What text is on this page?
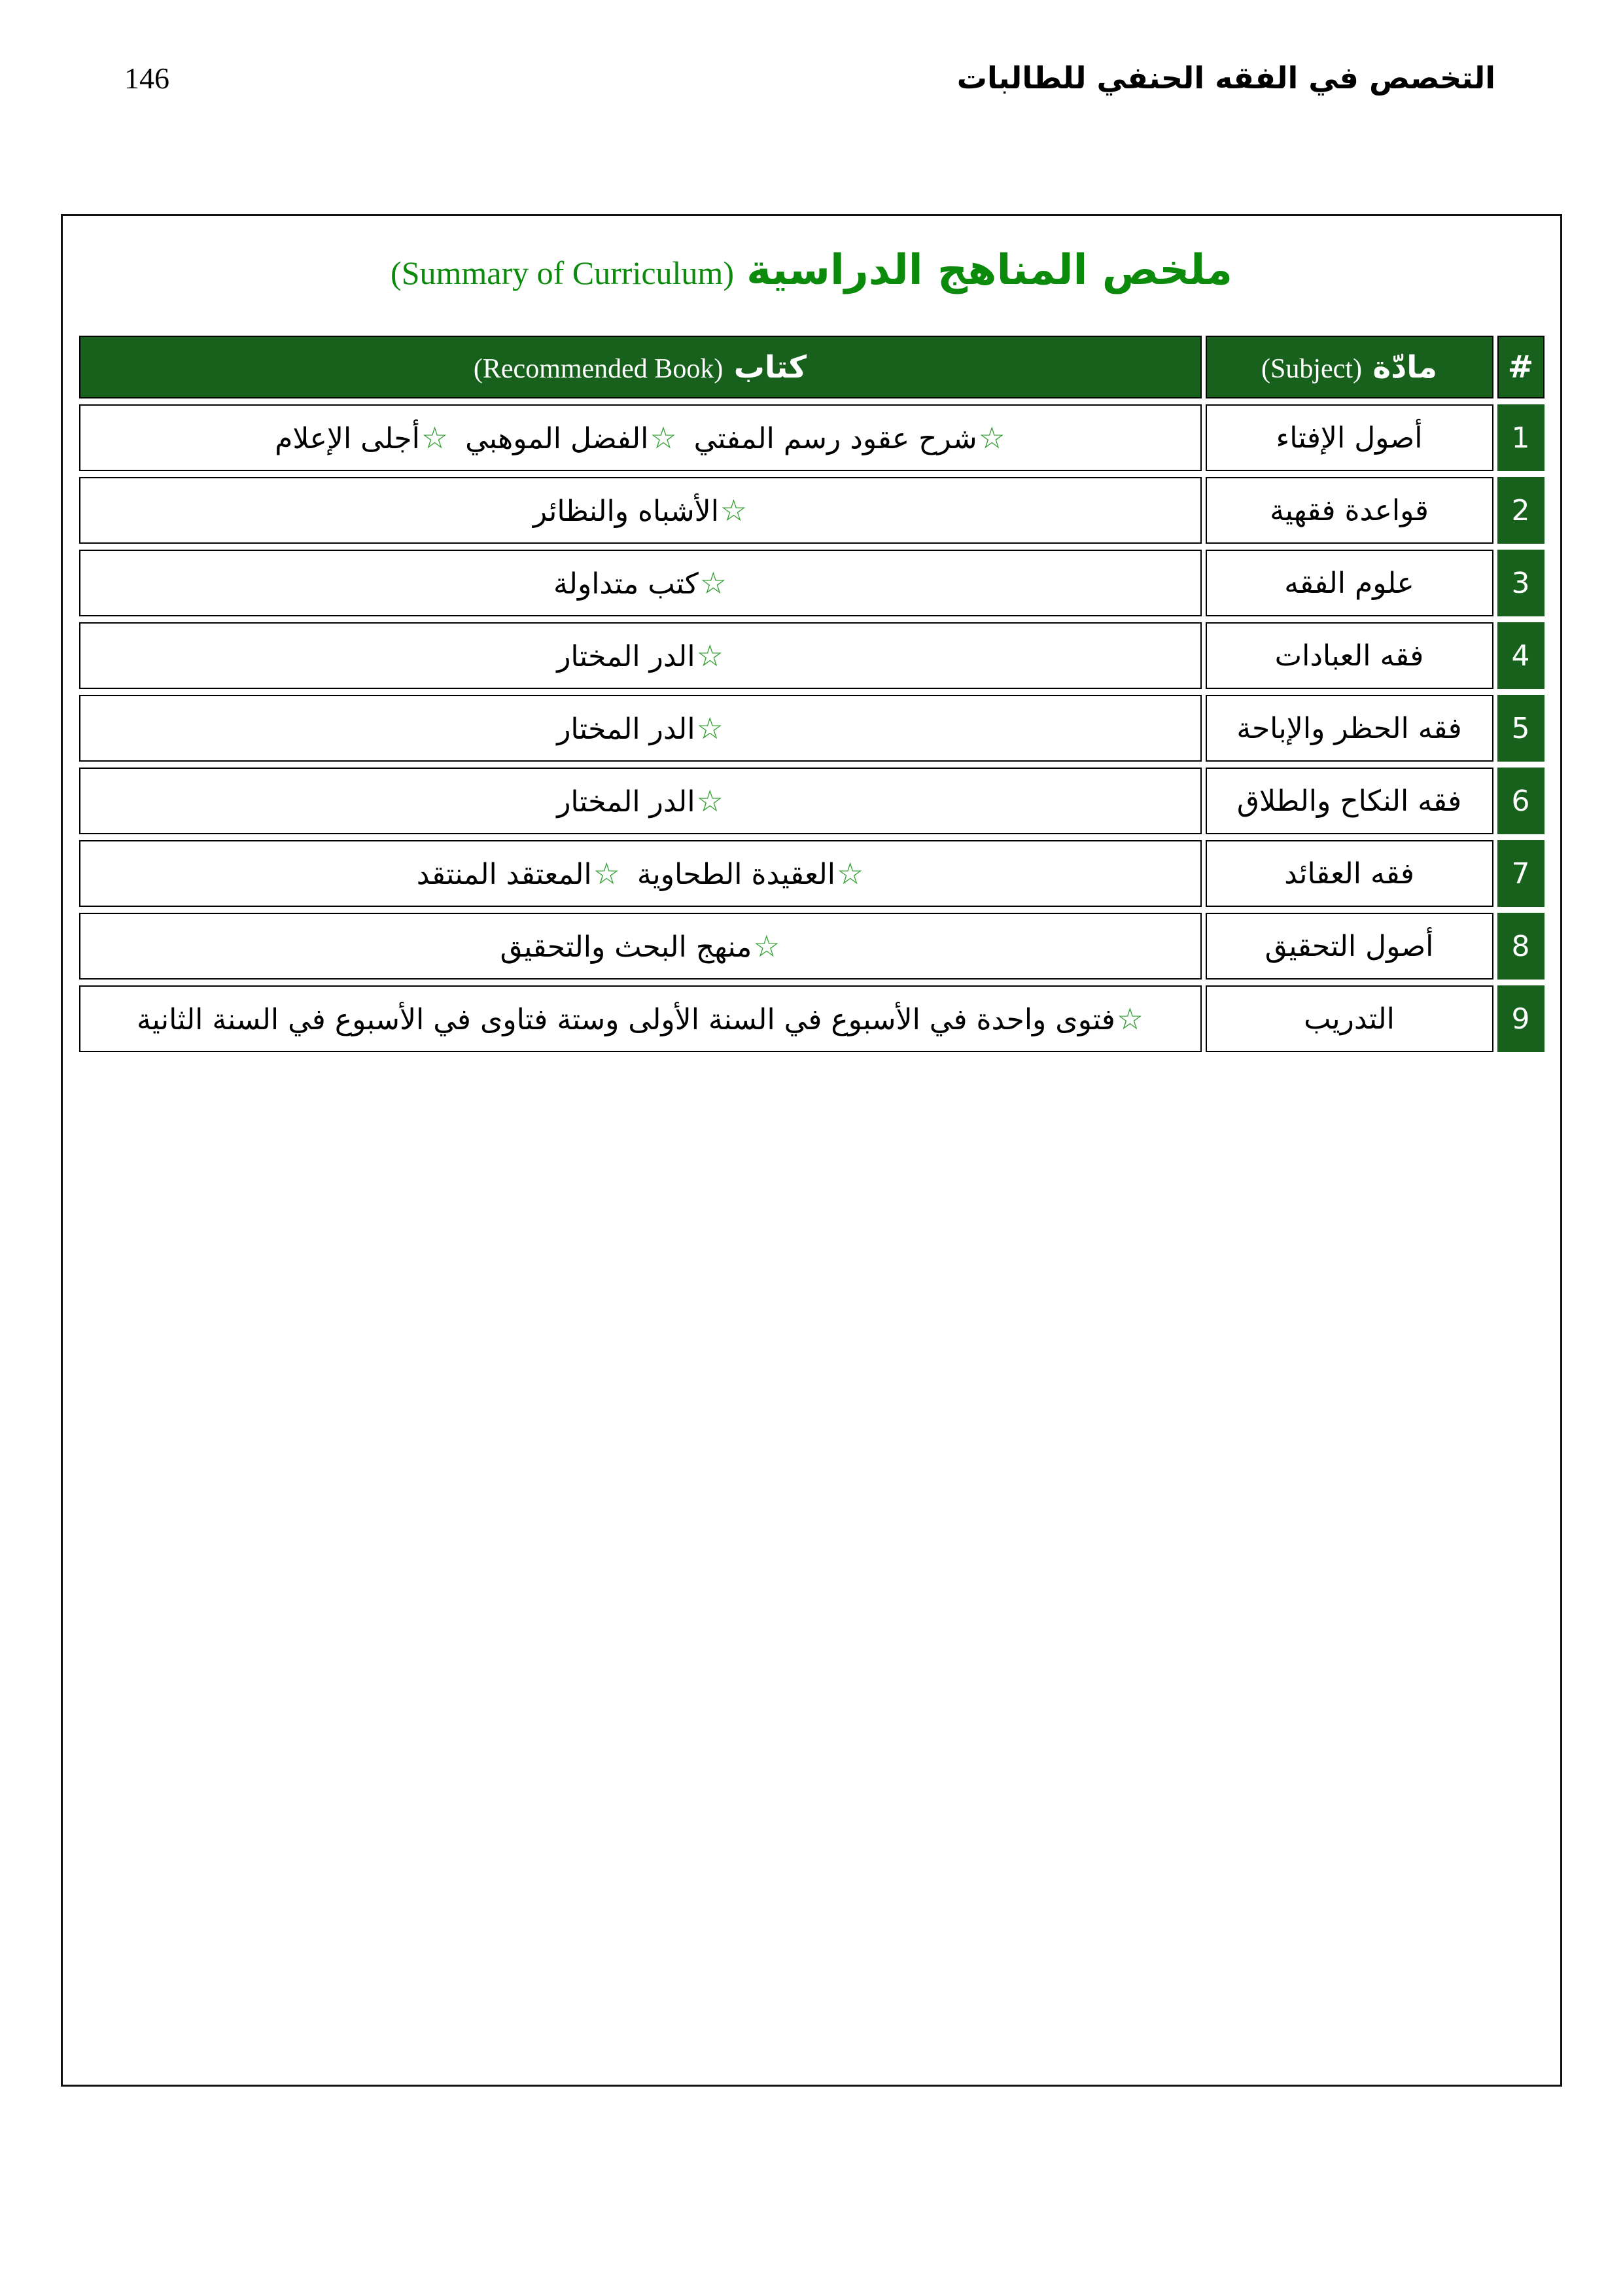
146	التخصص في الفقه الحنفي للطالبات
ملخص المناهج الدراسية (Summary of Curriculum)
#	مادّة (Subject)	كتاب (Recommended Book)
1	أصول الإفتاء	☆شرح عقود رسم المفتي☆الفضل الموهبي☆أجلى الإعلام
2	قواعدة فقهية	☆الأشباه والنظائر
3	علوم الفقه	☆كتب متداولة
4	فقه العبادات	☆الدر المختار
5	فقه الحظر والإباحة	☆الدر المختار
6	فقه النكاح والطلاق	☆الدر المختار
7	فقه العقائد	☆العقيدة الطحاوية☆المعتقد المنتقد
8	أصول التحقيق	☆منهج البحث والتحقيق
9	التدريب	☆فتوى واحدة في الأسبوع في السنة الأولى وستة فتاوى في الأسبوع في السنة الثانية
